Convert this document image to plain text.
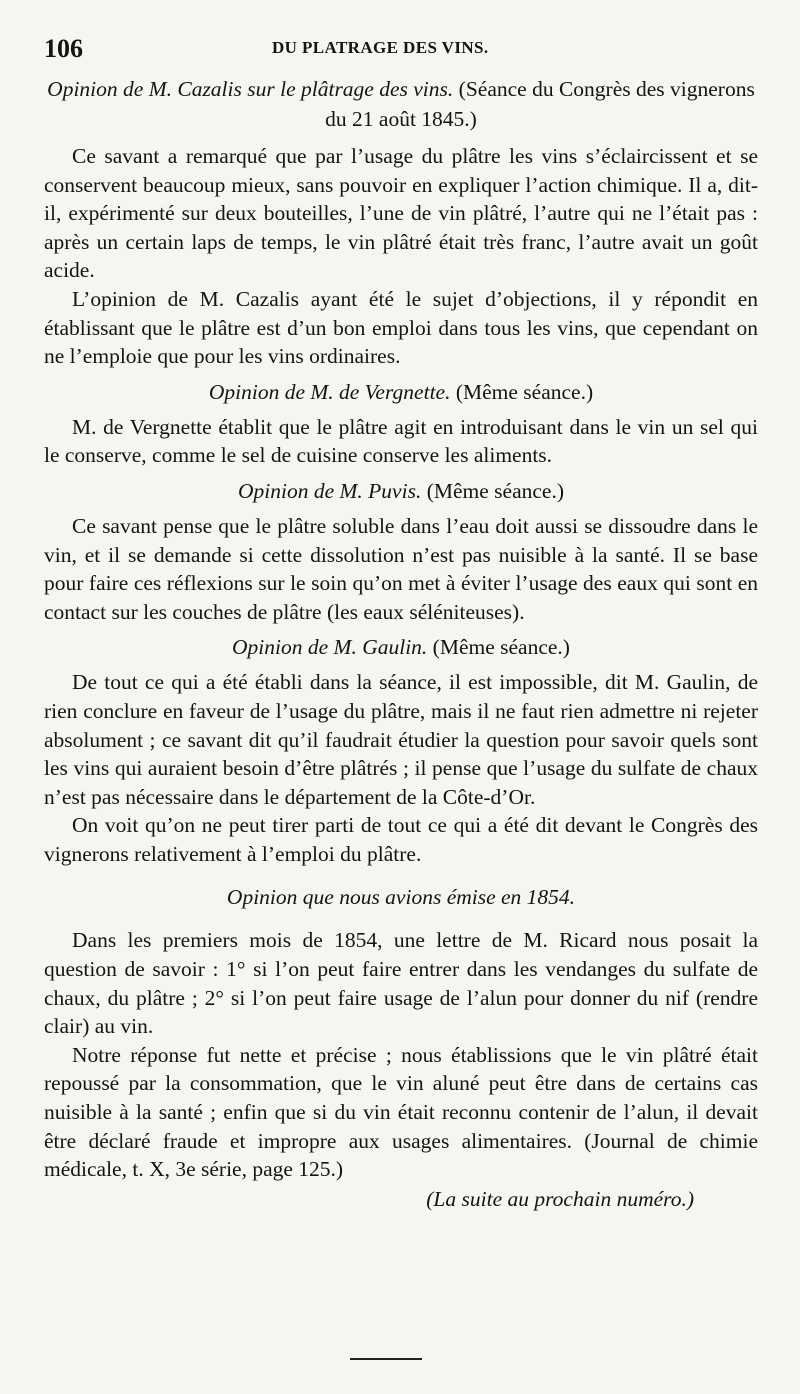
106	DU PLATRAGE DES VINS.

Opinion de M. Cazalis sur le plâtrage des vins. (Séance du Congrès des vignerons du 21 août 1845.)

Ce savant a remarqué que par l’usage du plâtre les vins s’éclaircissent et se conservent beaucoup mieux, sans pouvoir en expliquer l’action chimique. Il a, dit-il, expérimenté sur deux bouteilles, l’une de vin plâtré, l’autre qui ne l’était pas : après un certain laps de temps, le vin plâtré était très franc, l’autre avait un goût acide.

L’opinion de M. Cazalis ayant été le sujet d’objections, il y répondit en établissant que le plâtre est d’un bon emploi dans tous les vins, que cependant on ne l’emploie que pour les vins ordinaires.

Opinion de M. de Vergnette. (Même séance.)

M. de Vergnette établit que le plâtre agit en introduisant dans le vin un sel qui le conserve, comme le sel de cuisine conserve les aliments.

Opinion de M. Puvis. (Même séance.)

Ce savant pense que le plâtre soluble dans l’eau doit aussi se dissoudre dans le vin, et il se demande si cette dissolution n’est pas nuisible à la santé. Il se base pour faire ces réflexions sur le soin qu’on met à éviter l’usage des eaux qui sont en contact sur les couches de plâtre (les eaux séléniteuses).

Opinion de M. Gaulin. (Même séance.)

De tout ce qui a été établi dans la séance, il est impossible, dit M. Gaulin, de rien conclure en faveur de l’usage du plâtre, mais il ne faut rien admettre ni rejeter absolument ; ce savant dit qu’il faudrait étudier la question pour savoir quels sont les vins qui auraient besoin d’être plâtrés ; il pense que l’usage du sulfate de chaux n’est pas nécessaire dans le département de la Côte-d’Or.

On voit qu’on ne peut tirer parti de tout ce qui a été dit devant le Congrès des vignerons relativement à l’emploi du plâtre.

Opinion que nous avions émise en 1854.

Dans les premiers mois de 1854, une lettre de M. Ricard nous posait la question de savoir : 1° si l’on peut faire entrer dans les vendanges du sulfate de chaux, du plâtre ; 2° si l’on peut faire usage de l’alun pour donner du nif (rendre clair) au vin.

Notre réponse fut nette et précise ; nous établissions que le vin plâtré était repoussé par la consommation, que le vin aluné peut être dans de certains cas nuisible à la santé ; enfin que si du vin était reconnu contenir de l’alun, il devait être déclaré fraude et impropre aux usages alimentaires. (Journal de chimie médicale, t. X, 3e série, page 125.)

(La suite au prochain numéro.)
